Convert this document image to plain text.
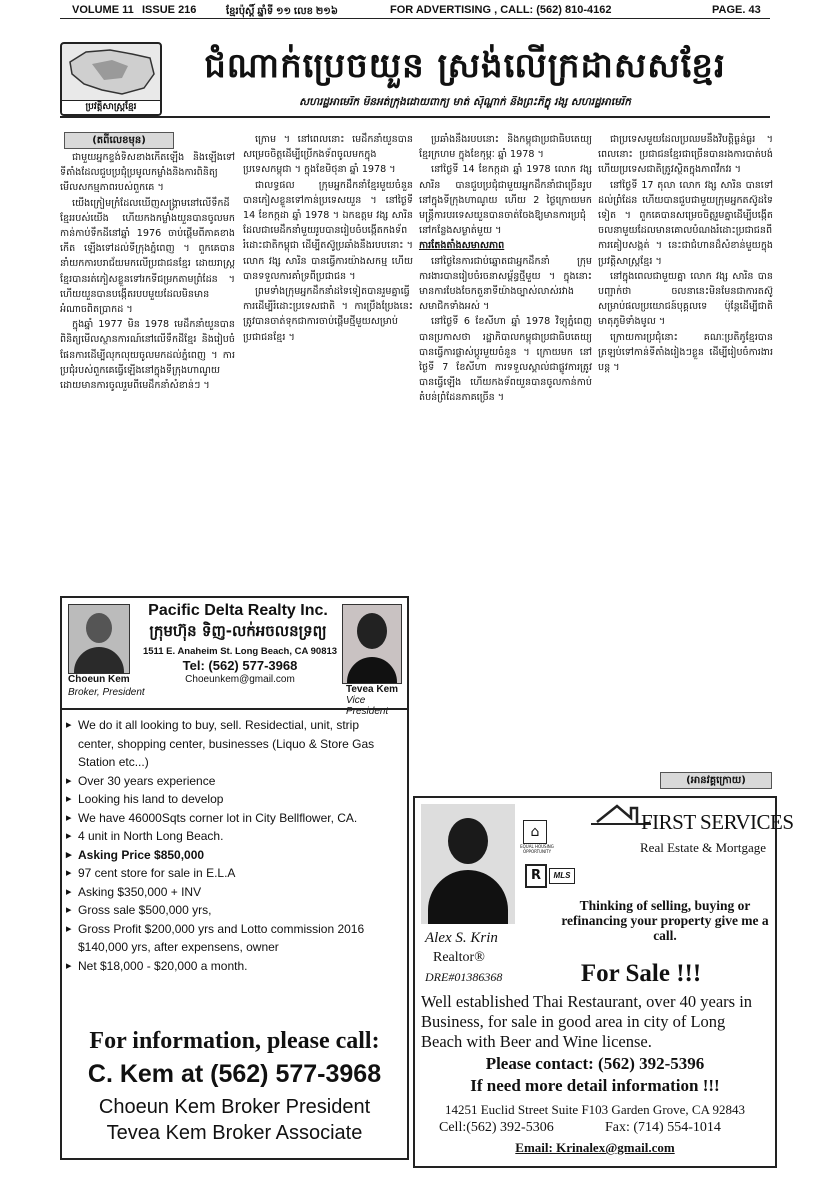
VOLUME 11 ISSUE 216	ខ្មែរប៉ុស្តិ៍ ឆ្នាំទី ១១ លេខ ២១៦	FOR ADVERTISING , CALL: (562) 810-4162	PAGE. 43
ប្រវត្តិសាស្ត្រខ្មែរ
ជំណាក់ប្រេចយួន ស្រង់លើក្រដាសសខ្មែរ
សហរដ្ឋអាមេរិក មិនអត់ក្រុងដោយពាក្យ មាត់ ស៊ីណ្ហាក់ និងព្រះភិក្ខុ រង្ស សហរដ្ឋអាមេរិក
(តពីលេខមុន)

ជាមួយអ្នកខ្ទង់ទិសខាងកើតឡើង និងឡើងទៅទីតាំងដែលជួបប្រជុំប្រមូលកម្លាំងនិងការពិនិត្យមើលសកម្មភាពរបស់ពួកគេ ។

យើងក្រៀមក្រំដែលឃើញសង្គ្រាមនៅលើទឹកដីខ្មែររបស់យើង ហើយកងកម្លាំងយួនបានចូលមកកាន់កាប់ទឹកដីនៅឆ្នាំ 1976 ចាប់ផ្តើមពីភាគខាងកើត ឡើងទៅដល់ទីក្រុងភ្នំពេញ ។ ពួកគេបាននាំយកការបរាជ័យមកលើប្រជាជនខ្មែរ ដោយរាស្រ្តខ្មែរបានរត់ភៀសខ្លួនទៅរកទីជម្រកតាមព្រំដែន ។ ហើយយួនបានបង្កើតរបបមួយដែលមិនមានអំណាចពិតប្រាកដ ។

ក្នុងឆ្នាំ 1977 មិន 1978 មេដឹកនាំយួនបានពិនិត្យមើលស្ថានការណ៍នៅលើទឹកដីខ្មែរ និងរៀបចំផែនការដើម្បីលុកលុយចូលមកដល់ភ្នំពេញ ។ ការប្រជុំរបស់ពួកគេធ្វើឡើងនៅក្នុងទីក្រុងហាណូយ ដោយមានការចូលរួមពីមេដឹកនាំសំខាន់ៗ ។

ក្រោម ។ នៅពេលនោះ មេដឹកនាំយួនបានសម្រេចចិត្តដើម្បីប្រើកងទ័ពចូលមកក្នុងប្រទេសកម្ពុជា ។ ក្នុងខែមិថុនា ឆ្នាំ 1978 ។

ជាលទ្ធផល ក្រុមអ្នកដឹកនាំខ្មែរមួយចំនួនបានភៀសខ្លួនទៅកាន់ប្រទេសយួន ។ នៅថ្ងៃទី 14 ខែកក្កដា ឆ្នាំ 1978 ។ ឯកឧត្តម វង្ស សារិន ដែលជាមេដឹកនាំមួយរូបបានរៀបចំបង្កើតកងទ័ពរំដោះជាតិកម្ពុជា ដើម្បីតស៊ូប្រឆាំងនឹងរបបនោះ ។ លោក វង្ស សារិន បានធ្វើការយ៉ាងសកម្ម ហើយបានទទួលការគាំទ្រពីប្រជាជន ។

ព្រមទាំងក្រុមអ្នកដឹកនាំដទៃទៀតបានរួមគ្នាធ្វើការដើម្បីរំដោះប្រទេសជាតិ ។ ការប្រឹងប្រែងនេះត្រូវបានចាត់ទុកជាការចាប់ផ្តើមថ្មីមួយសម្រាប់ប្រជាជនខ្មែរ ។

ប្រឆាំងនឹងរបបនោះ និងកម្ពុជាប្រជាធិបតេយ្យខ្មែរក្រហម ក្នុងខែកុម្ភៈ ឆ្នាំ 1978 ។

នៅថ្ងៃទី 14 ខែកក្កដា ឆ្នាំ 1978 លោក វង្ស សារិន បានជួបប្រជុំជាមួយអ្នកដឹកនាំជាច្រើនរូបនៅក្នុងទីក្រុងហាណូយ ហើយ 2 ថ្ងៃក្រោយមក មន្ត្រីការបរទេសយួនបានចាត់ចែងឱ្យមានការប្រជុំនៅកន្លែងសម្ងាត់មួយ ។

ការតែងតាំងសមាសភាព

នៅថ្ងៃនៃការជាប់ឆ្នោតជាអ្នកដឹកនាំ ក្រុមការងារបានរៀបចំរចនាសម្ព័ន្ធថ្មីមួយ ។ ក្នុងនោះមានការបែងចែកតួនាទីយ៉ាងច្បាស់លាស់រវាងសមាជិកទាំងអស់ ។

នៅថ្ងៃទី 6 ខែសីហា ឆ្នាំ 1978 វិទ្យុភ្នំពេញបានប្រកាសថា រដ្ឋាភិបាលកម្ពុជាប្រជាធិបតេយ្យ បានធ្វើការផ្លាស់ប្តូរមួយចំនួន ។ ក្រោយមក នៅថ្ងៃទី 7 ខែសីហា ការទទួលស្គាល់ជាផ្លូវការត្រូវបានធ្វើឡើង ហើយកងទ័ពយួនបានចូលកាន់កាប់តំបន់ព្រំដែនភាគច្រើន ។

ជាប្រទេសមួយដែលប្រឈមនឹងវិបត្តិធ្ងន់ធ្ងរ ។ ពេលនោះ ប្រជាជនខ្មែរជាច្រើនបានរងការបាត់បង់ ហើយប្រទេសជាតិត្រូវស្ថិតក្នុងភាពវឹកវរ ។

នៅថ្ងៃទី 17 តុលា លោក វង្ស សារិន បានទៅដល់ព្រំដែន ហើយបានជួបជាមួយក្រុមអ្នកតស៊ូដទៃទៀត ។ ពួកគេបានសម្រេចចិត្តរួមគ្នាដើម្បីបង្កើតចលនាមួយដែលមានគោលបំណងរំដោះប្រជាជនពីការគៀបសង្កត់ ។ នេះជាជំហានដ៏សំខាន់មួយក្នុងប្រវត្តិសាស្ត្រខ្មែរ ។

នៅក្នុងពេលជាមួយគ្នា លោក វង្ស សារិន បានបញ្ជាក់ថា ចលនានេះមិនមែនជាការតស៊ូសម្រាប់ផលប្រយោជន៍បុគ្គលទេ ប៉ុន្តែដើម្បីជាតិមាតុភូមិទាំងមូល ។

ក្រោយការប្រជុំនោះ គណៈប្រតិភូខ្មែរបានត្រឡប់ទៅកាន់ទីតាំងរៀងៗខ្លួន ដើម្បីរៀបចំការងារបន្ត ។

(អានវគ្គក្រោយ)
Choeun Kem
Broker, President
Pacific Delta Realty Inc.
ក្រុមហ៊ុន ទិញ-លក់អចលនទ្រព្យ
1511 E. Anaheim St. Long Beach, CA 90813
Tel: (562) 577-3968
Choeunkem@gmail.com
Tevea Kem
Vice President
▸ We do it all looking to buy, sell. Residectial, unit, strip center, shopping center, businesses (Liquo & Store Gas Station etc...)
▸ Over 30 years experience
▸ Looking his land to develop
▸ We have 46000Sqts corner lot in City Bellflower, CA.
▸ 4 unit in North Long Beach.
▸ Asking Price $850,000
▸ 97 cent store for sale in E.L.A
▸ Asking $350,000 + INV
▸ Gross sale $500,000 yrs,
▸ Gross Profit $200,000 yrs and Lotto commission 2016 $140,000 yrs, after expensens, owner
▸ Net $18,000 - $20,000 a month.
For information, please call:
C. Kem at (562) 577-3968
Choeun Kem Broker President
Tevea Kem Broker Associate
⌂
EQUAL HOUSING OPPORTUNITY
R	MLS
FIRST SERVICES
Real Estate & Mortgage
Thinking of selling, buying or refinancing your property give me a call.
Alex S. Krin
Realtor®
DRE#01386368	For Sale !!!
Well established Thai Restaurant, over 40 years in Business, for sale in good area in city of Long Beach with Beer and Wine license.
Please contact: (562) 392-5396
If need more detail information !!!
14251 Euclid Street Suite F103 Garden Grove, CA 92843
Cell:(562) 392-5306	Fax: (714) 554-1014
Email: Krinalex@gmail.com
